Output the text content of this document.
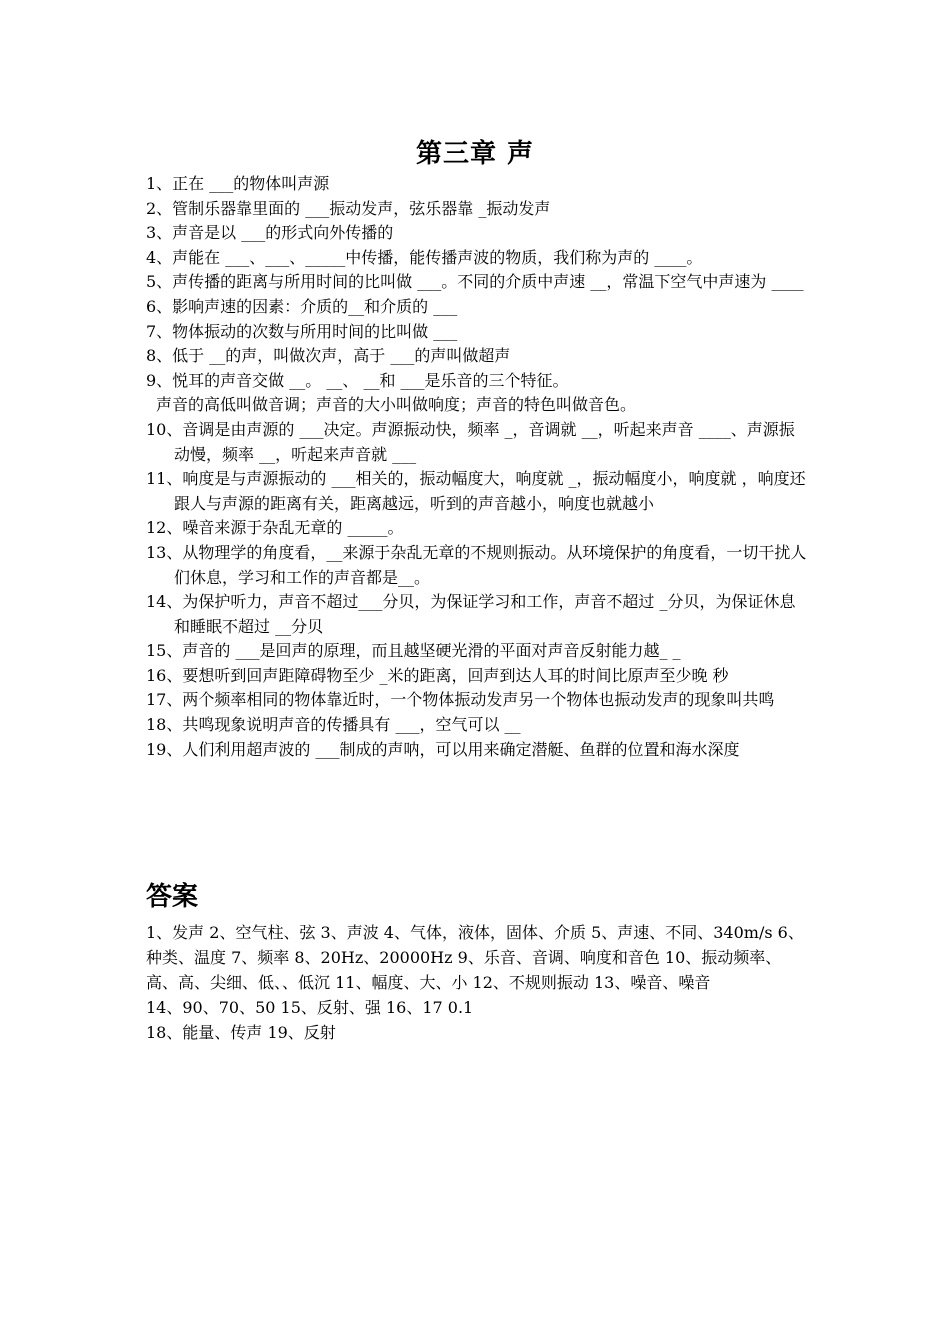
第三章 声

1、正在 ___的物体叫声源

2、管制乐器靠里面的 ___振动发声，弦乐器靠 _振动发声

3、声音是以 ___的形式向外传播的

4、声能在 ___、___、_____中传播，能传播声波的物质，我们称为声的 ____。

5、声传播的距离与所用时间的比叫做 ___。不同的介质中声速 __，常温下空气中声速为 ____

6、影响声速的因素：介质的__和介质的 ___

7、物体振动的次数与所用时间的比叫做 ___

8、低于 __的声，叫做次声，高于 ___的声叫做超声

9、悦耳的声音交做 __。 __、 __和 ___是乐音的三个特征。

声音的高低叫做音调；声音的大小叫做响度；声音的特色叫做音色。

10、音调是由声源的 ___决定。声源振动快，频率 _，音调就 __，听起来声音 ____、声源振动慢，频率 __，听起来声音就 ___

11、响度是与声源振动的 ___相关的，振动幅度大，响度就 _，振动幅度小，响度就 ，响度还跟人与声源的距离有关，距离越远，听到的声音越小，响度也就越小

12、噪音来源于杂乱无章的 _____。

13、从物理学的角度看，__来源于杂乱无章的不规则振动。从环境保护的角度看，一切干扰人们休息，学习和工作的声音都是__。

14、为保护听力，声音不超过___分贝，为保证学习和工作，声音不超过 _分贝，为保证休息和睡眠不超过 __分贝

15、声音的 ___是回声的原理，而且越坚硬光滑的平面对声音反射能力越_ _

16、要想听到回声距障碍物至少 _米的距离，回声到达人耳的时间比原声至少晚 秒

17、两个频率相同的物体靠近时，一个物体振动发声另一个物体也振动发声的现象叫共鸣

18、共鸣现象说明声音的传播具有 ___，空气可以 __

19、人们利用超声波的 ___制成的声呐，可以用来确定潜艇、鱼群的位置和海水深度

答案

1、发声 2、空气柱、弦 3、声波 4、气体，液体，固体、介质 5、声速、不同、340m/s 6、

种类、温度 7、频率 8、20Hz、20000Hz 9、乐音、音调、响度和音色 10、振动频率、

高、高、尖细、低、、低沉 11、幅度、大、小 12、不规则振动 13、噪音、噪音

14、90、70、50 15、反射、强 16、17 0.1

18、能量、传声 19、反射
